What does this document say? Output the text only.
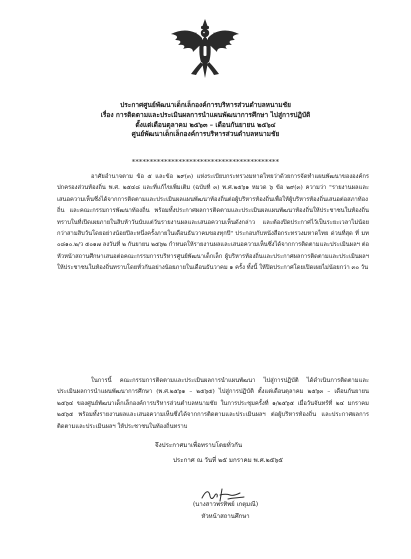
ประกาศศูนย์พัฒนาเด็กเล็กองค์การบริหารส่วนตำบลหนามชัย
เรื่อง การติดตามและประเมินผลการนำแผนพัฒนาการศึกษา ไปสู่การปฏิบัติ
ตั้งแต่เดือนตุลาคม ๒๕๖๓ – เดือนกันยายน ๒๕๖๔
ศูนย์พัฒนาเด็กเล็กองค์การบริหารส่วนตำบลหนามชัย
*****************************************

อาศัยอำนาจตาม ข้อ ๕ และข้อ ๒๙(๓) แห่งระเบียบกระทรวงมหาดไทยว่าด้วยการจัดทำแผนพัฒนาขององค์กรปกครองส่วนท้องถิ่น พ.ศ. ๒๕๔๘ และที่แก้ไขเพิ่มเติม (ฉบับที่ ๓) พ.ศ.๒๕๖๑ หมวด ๖ ข้อ ๒๙(๓) ความว่า "รายงานผลและเสนอความเห็นซึ่งได้จากการติดตามและประเมินผลแผนพัฒนาท้องถิ่นต่อผู้บริหารท้องถิ่นเพื่อให้ผู้บริหารท้องถิ่นเสนอต่อสภาท้องถิ่น และคณะกรรมการพัฒนาท้องถิ่น พร้อมทั้งประกาศผลการติดตามและประเมินผลแผนพัฒนาท้องถิ่นให้ประชาชนในท้องถิ่นทราบในที่เปิดเผยภายในสิบห้าวันนับแต่วันรายงานผลและเสนอความเห็นดังกล่าว และต้องปิดประกาศไว้เป็นระยะเวลาไม่น้อยกว่าสามสิบวันโดยอย่างน้อยปีละหนึ่งครั้งภายในเดือนธันวาคมของทุกปี" ประกอบกับหนังสือกระทรวงมหาดไทย ด่วนที่สุด ที่ มท ๐๘๑๐.๒/ว ๕๐๑๗ ลงวันที่ ๒ กันยายน ๒๕๖๒ กำหนดให้รายงานผลและเสนอความเห็นซึ่งได้จากการติดตามและประเมินผลฯ ต่อหัวหน้าสถานศึกษาเสนอต่อคณะกรรมการบริหารศูนย์พัฒนาเด็กเล็ก ผู้บริหารท้องถิ่นและประกาศผลการติดตามและประเมินผลฯ ให้ประชาชนในท้องถิ่นทราบโดยทั่วกันอย่างน้อยภายในเดือนธันวาคม ๑ ครั้ง ทั้งนี้ ให้ปิดประกาศโดยเปิดเผยไม่น้อยกว่า ๓๐ วัน

ในการนี้ คณะกรรมการติดตามและประเมินผลการนำแผนพัฒนา ไปสู่การปฏิบัติ ได้ดำเนินการติดตามและประเมินผลการนำแผนพัฒนาการศึกษา (พ.ศ.๒๕๖๑ – ๒๕๖๕) ไปสู่การปฏิบัติ ตั้งแต่เดือนตุลาคม ๒๕๖๓ – เดือนกันยายน ๒๕๖๔ ของศูนย์พัฒนาเด็กเล็กองค์การบริหารส่วนตำบลหนามชัย ในการประชุมครั้งที่ ๑/๒๕๖๕ เมื่อวันจันทร์ที่ ๒๔ มกราคม ๒๕๖๕ พร้อมทั้งรายงานผลและเสนอความเห็นซึ่งได้จากการติดตามและประเมินผลฯ ต่อผู้บริหารท้องถิ่น และประกาศผลการติดตามและประเมินผลฯ ให้ประชาชนในท้องถิ่นทราบ

จึงประกาศมาเพื่อทราบโดยทั่วกัน
ประกาศ ณ วันที่ ๒๕ มกราคม พ.ศ.๒๕๖๕
(นางสาวพรทิพย์ เกตุมณี)
หัวหน้าสถานศึกษา
